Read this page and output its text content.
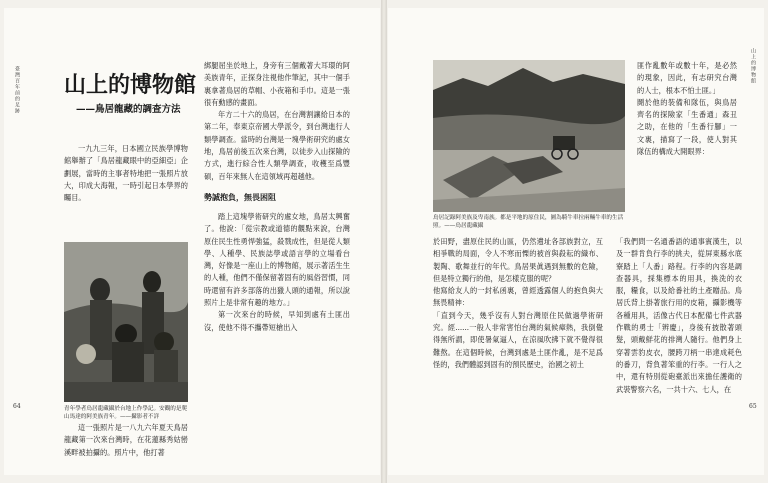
臺灣百年前的足跡
64
山上的博物館
——鳥居龍藏的調查方法
一九九三年，日本國立民族學博物館舉辦了「鳥居龍藏眼中的亞細亞」企劃展，當時的主事者特地把一張照片放大，印成大海報，一時引起日本學界的矚目。
青年學者鳥居龍藏攝於台地上作學記。安觀的是爬山馬達的阿美族青年。——攝影者不詳
這一張照片是一八九六年夏天鳥居龍藏第一次來台灣時，在花蓮縣秀姑巒溪畔被拍攝的。照片中，他打著

綁腿屈坐於地上，身旁有三個戴著大耳環的阿美族青年，正探身注視他作筆記，其中一個手裏拿著鳥居的草帽、小夜箱和手巾。這是一張很有動感的畫面。

年方二十六的鳥居，在台灣割讓給日本的第二年，奉東京帝國大學派令，到台灣進行人類學調查。當時的台灣是一塊學術研究的處女地，鳥居前後五次來台灣，以徒步入山探險的方式，進行綜合性人類學調查，收穫至爲豐碩，百年來無人在這領域再超越他。

勢誠抱負，無畏困阻

踏上這塊學術研究的處女地，鳥居太興奮了。他說：「從宗教或道德的觀點來說，台灣原住民生性勇悍強猛，殺戮成性，但是從人類學、人種學、民族誌學或語言學的立場看台灣，好像是一座山上的博物館，展示著活生生的人種，他們不僅保留著固有的風俗習慣，同時還留有許多部落的出獵人頭的通報，所以說照片上是非常有趣的地方。」

第一次來台的時候，早知到處有土匪出沒，使他不得不攜帶短槍出入

山上的博物館
65
鳥居記錄阿美族及卑南族。都是平地的原住民，圖為騎牛車拉兩輛牛車的生活照。——鳥居龍藏攝
匪作亂數年或數十年，是必然的現象，因此，有志研究台灣的人士，根本不怕土匪。」
鬪於他的裝備和隊伍，與鳥居齊名的探險家「生番通」森丑之助，在他的「生番行腳」一文裏，描寫了一段，使人對其隊伍的構成大開眼界：
於田野，盡原住民的山區，仍然遺址各部族對立，互相爭戰的局面，令人不寒而慄的被首與殺耘的織布、製陶、歌舞並行的年代。鳥居果眞遇到無數的危險，但是特立獨行的他，是怎樣克服的呢？
他寫給友人的一封私函裏，曾經透露個人的抱負與大無畏精神：
「直到今天，幾乎沒有人對台灣原住民做過學術研究。經......一般人非常害怕台灣的氣候瘴熱，我倒覺得無所謂，即使暑氣逼人，在涼風吹拂下就不覺得很難熬。在這個時候，台灣到處是土匪作亂，是不足爲怪的，我們體認到固有的預民歷史，治國之初土
「我們問一名通番語的通事賓漢生，以及一群肯負行李的挑夫，從屏東縣水底寮踏上「人番」路程。行李的內容是調查器具，採集標本的用具，換洗的衣服，糧食，以及給番社的土產贈品。鳥居氏背上掛著旅行用的皮箱，攝影機等各種用具，活像古代日本配備七件武器作戰的勇士「辨慶」，身後有披散著頭髮，頭戴鮮花的排灣人隨行。他們身上穿著雲豹皮衣，腰跨刀柄一串達成耗色的番刀，背負著笨重的行李。一行人之中，還有特別從砲臺派出來擔任護衛的武裝警察六名，一共十六、七人，在
